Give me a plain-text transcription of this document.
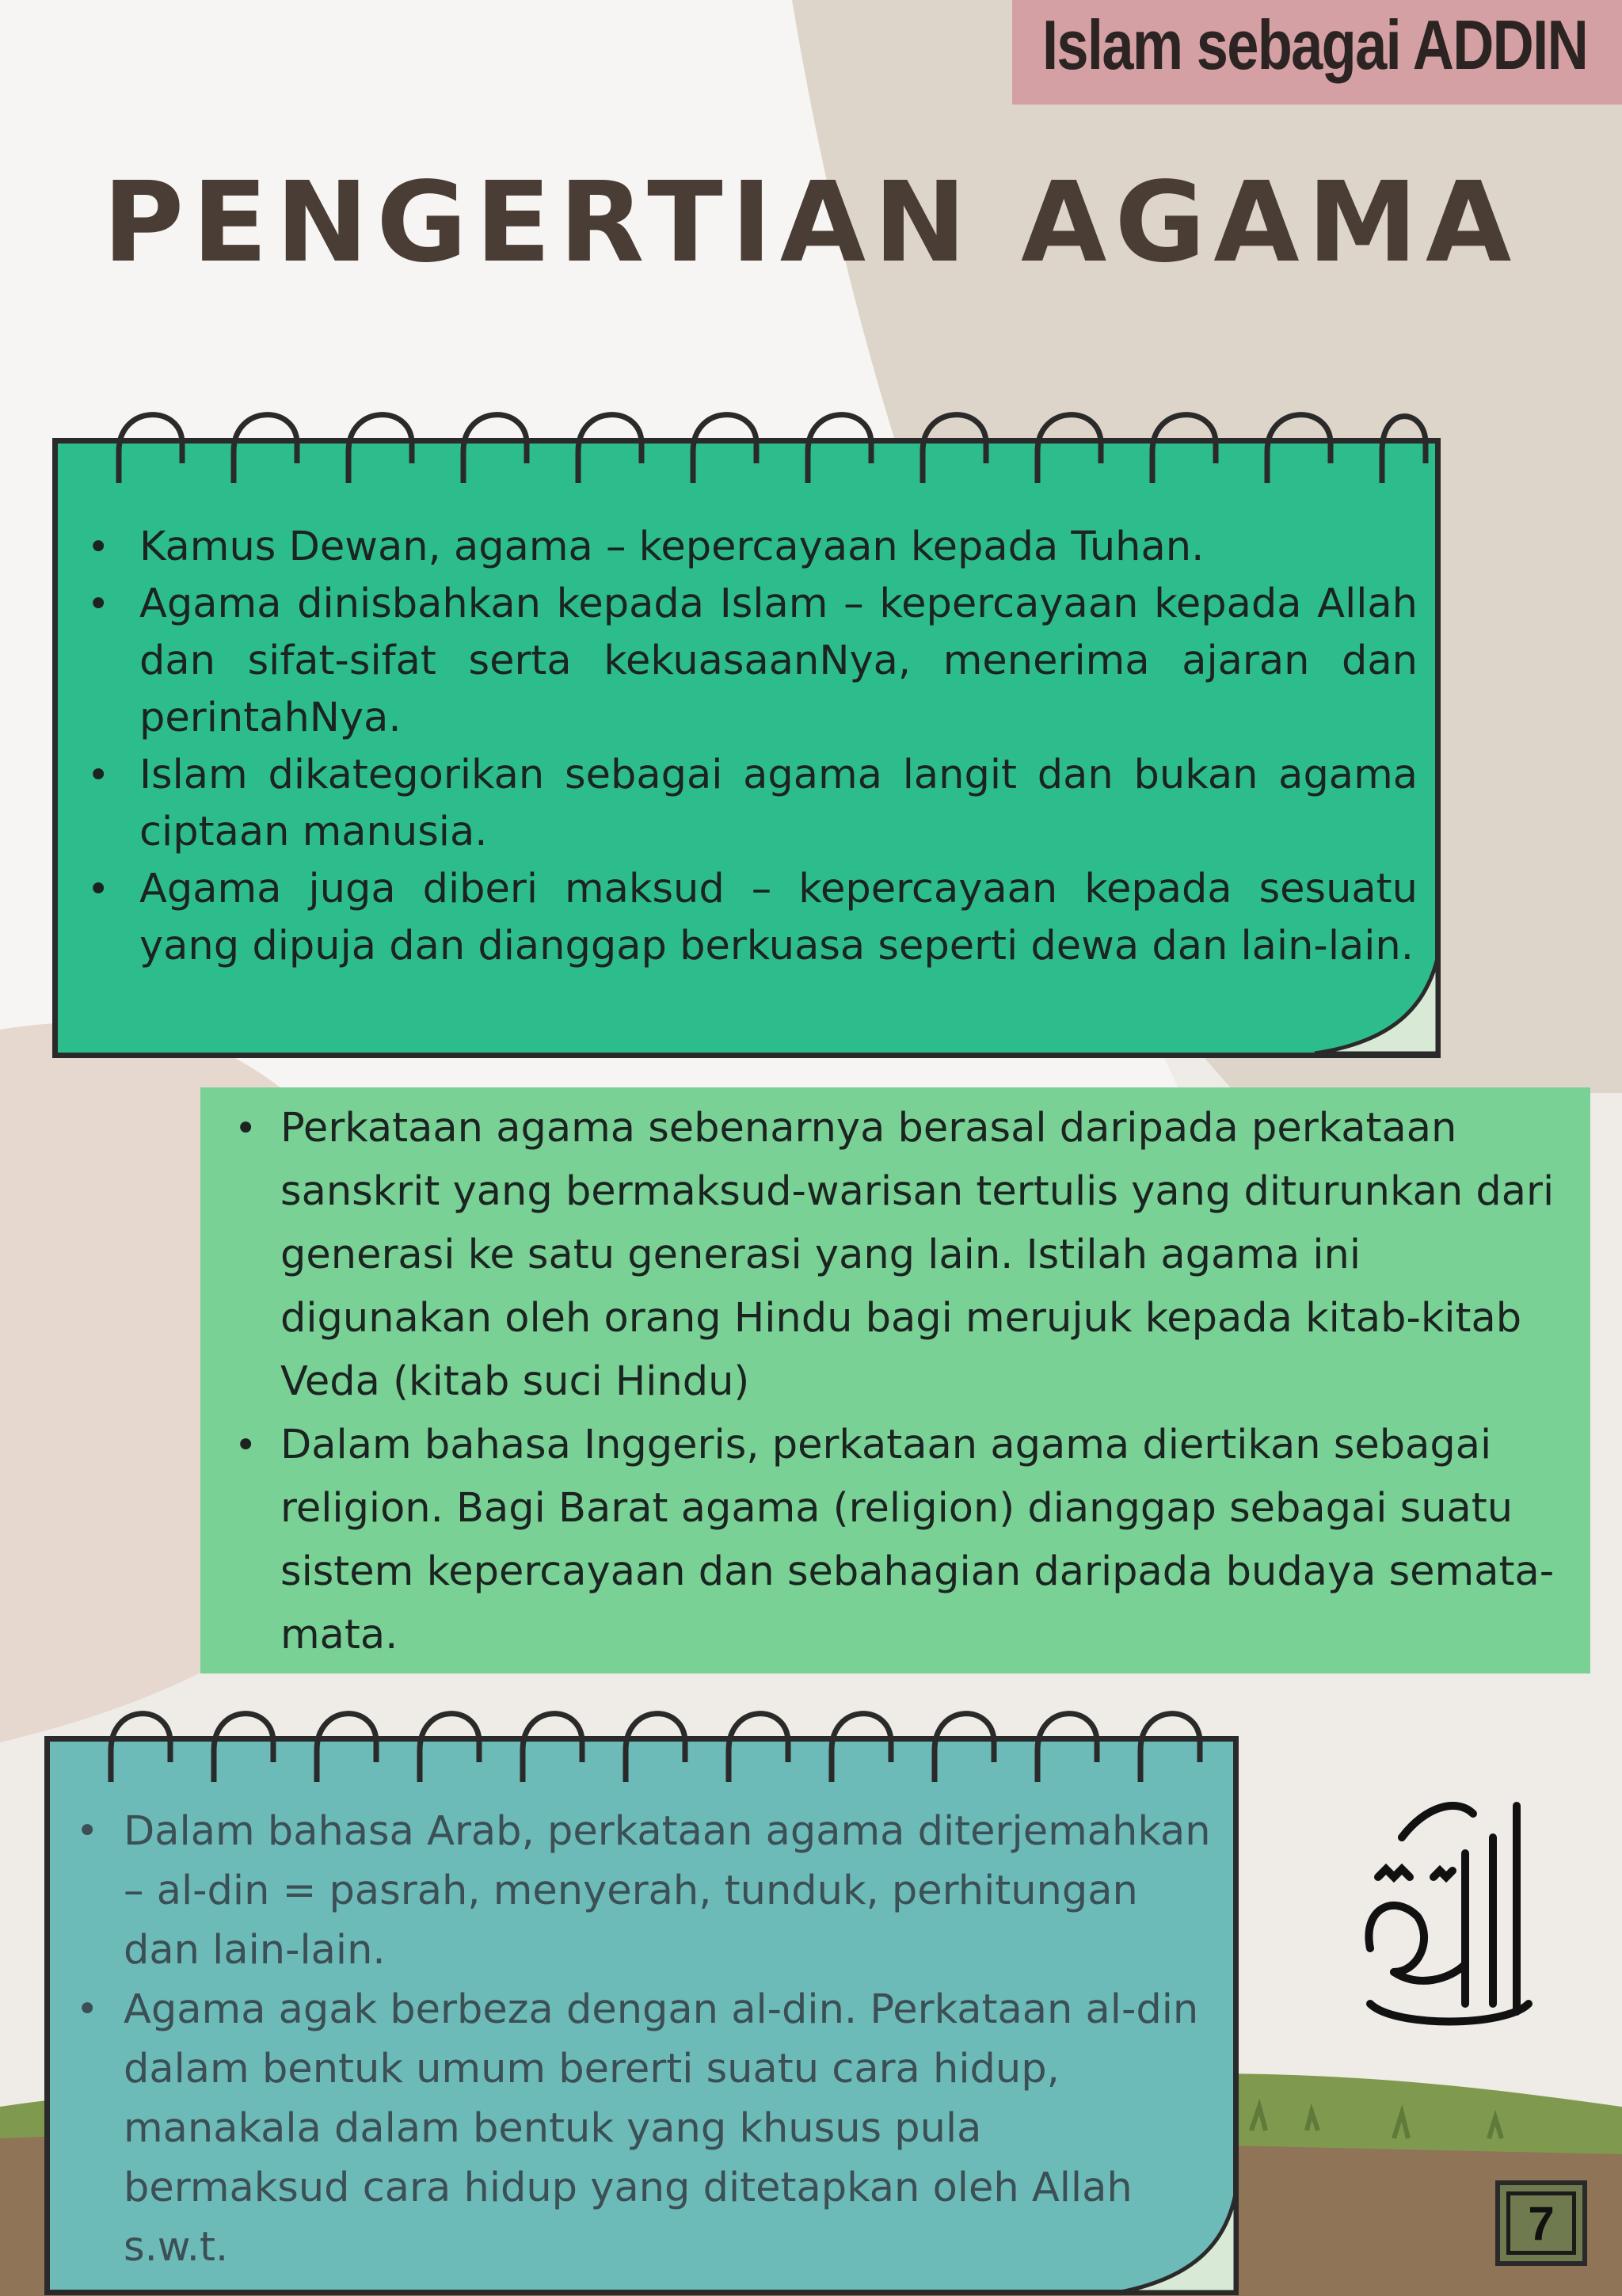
Islam sebagai ADDIN
PENGERTIAN AGAMA
• Kamus Dewan, agama – kepercayaan kepada Tuhan.
• Agama dinisbahkan kepada Islam – kepercayaan kepada Allah dan sifat-sifat serta kekuasaanNya, menerima ajaran dan perintahNya.
• Islam dikategorikan sebagai agama langit dan bukan agama ciptaan manusia.
• Agama juga diberi maksud – kepercayaan kepada sesuatu yang dipuja dan dianggap berkuasa seperti dewa dan lain-lain.
• Perkataan agama sebenarnya berasal daripada perkataan sanskrit yang bermaksud-warisan tertulis yang diturunkan dari generasi ke satu generasi yang lain. Istilah agama ini digunakan oleh orang Hindu bagi merujuk kepada kitab-kitab Veda (kitab suci Hindu)
• Dalam bahasa Inggeris, perkataan agama diertikan sebagai religion. Bagi Barat agama (religion) dianggap sebagai suatu sistem kepercayaan dan sebahagian daripada budaya semata-mata.
• Dalam bahasa Arab, perkataan agama diterjemahkan – al-din = pasrah, menyerah, tunduk, perhitungan dan lain-lain.
• Agama agak berbeza dengan al-din. Perkataan al-din dalam bentuk umum bererti suatu cara hidup, manakala dalam bentuk yang khusus pula bermaksud cara hidup yang ditetapkan oleh Allah s.w.t.	7
